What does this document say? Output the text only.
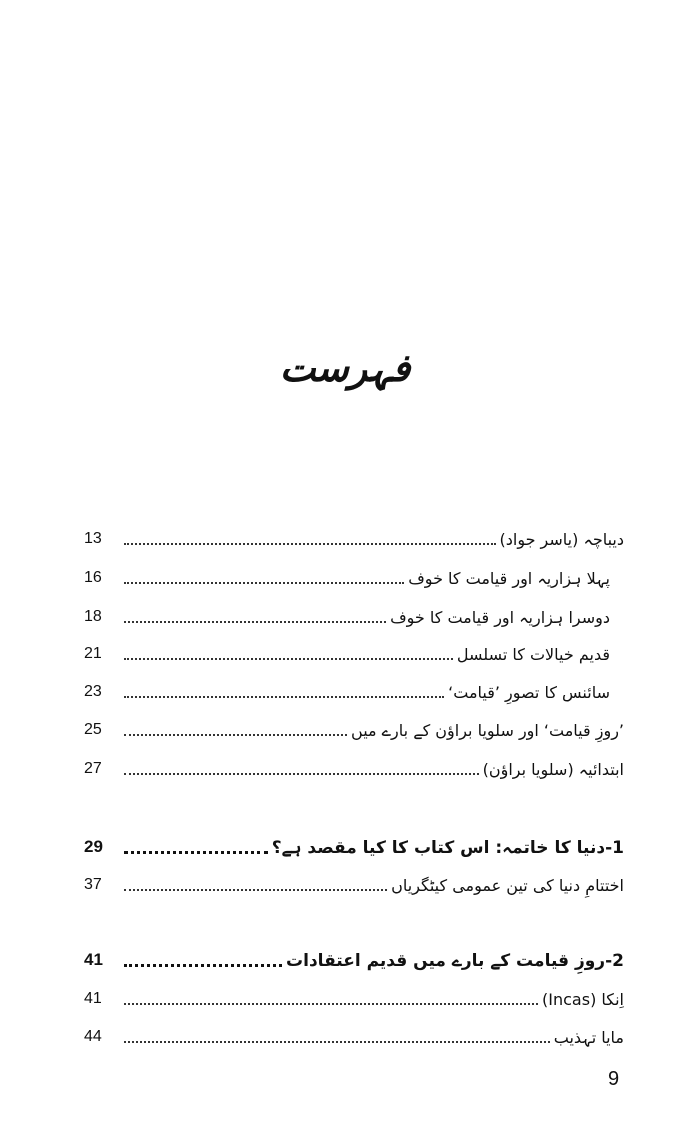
فہرست
دیباچہ (یاسر جواد)
13
پہلا ہزاریہ اور قیامت کا خوف
16
دوسرا ہزاریہ اور قیامت کا خوف
18
قدیم خیالات کا تسلسل
21
سائنس کا تصورِ ’قیامت‘
23
’روزِ قیامت‘ اور سلویا براؤن کے بارے میں
25
ابتدائیہ (سلویا براؤن)
27
1-دنیا کا خاتمہ: اس کتاب کا کیا مقصد ہے؟
29
اختتامِ دنیا کی تین عمومی کیٹگریاں
37
2-روزِ قیامت کے بارے میں قدیم اعتقادات
41
اِنکا (Incas)
41
مایا تہذیب
44
9
